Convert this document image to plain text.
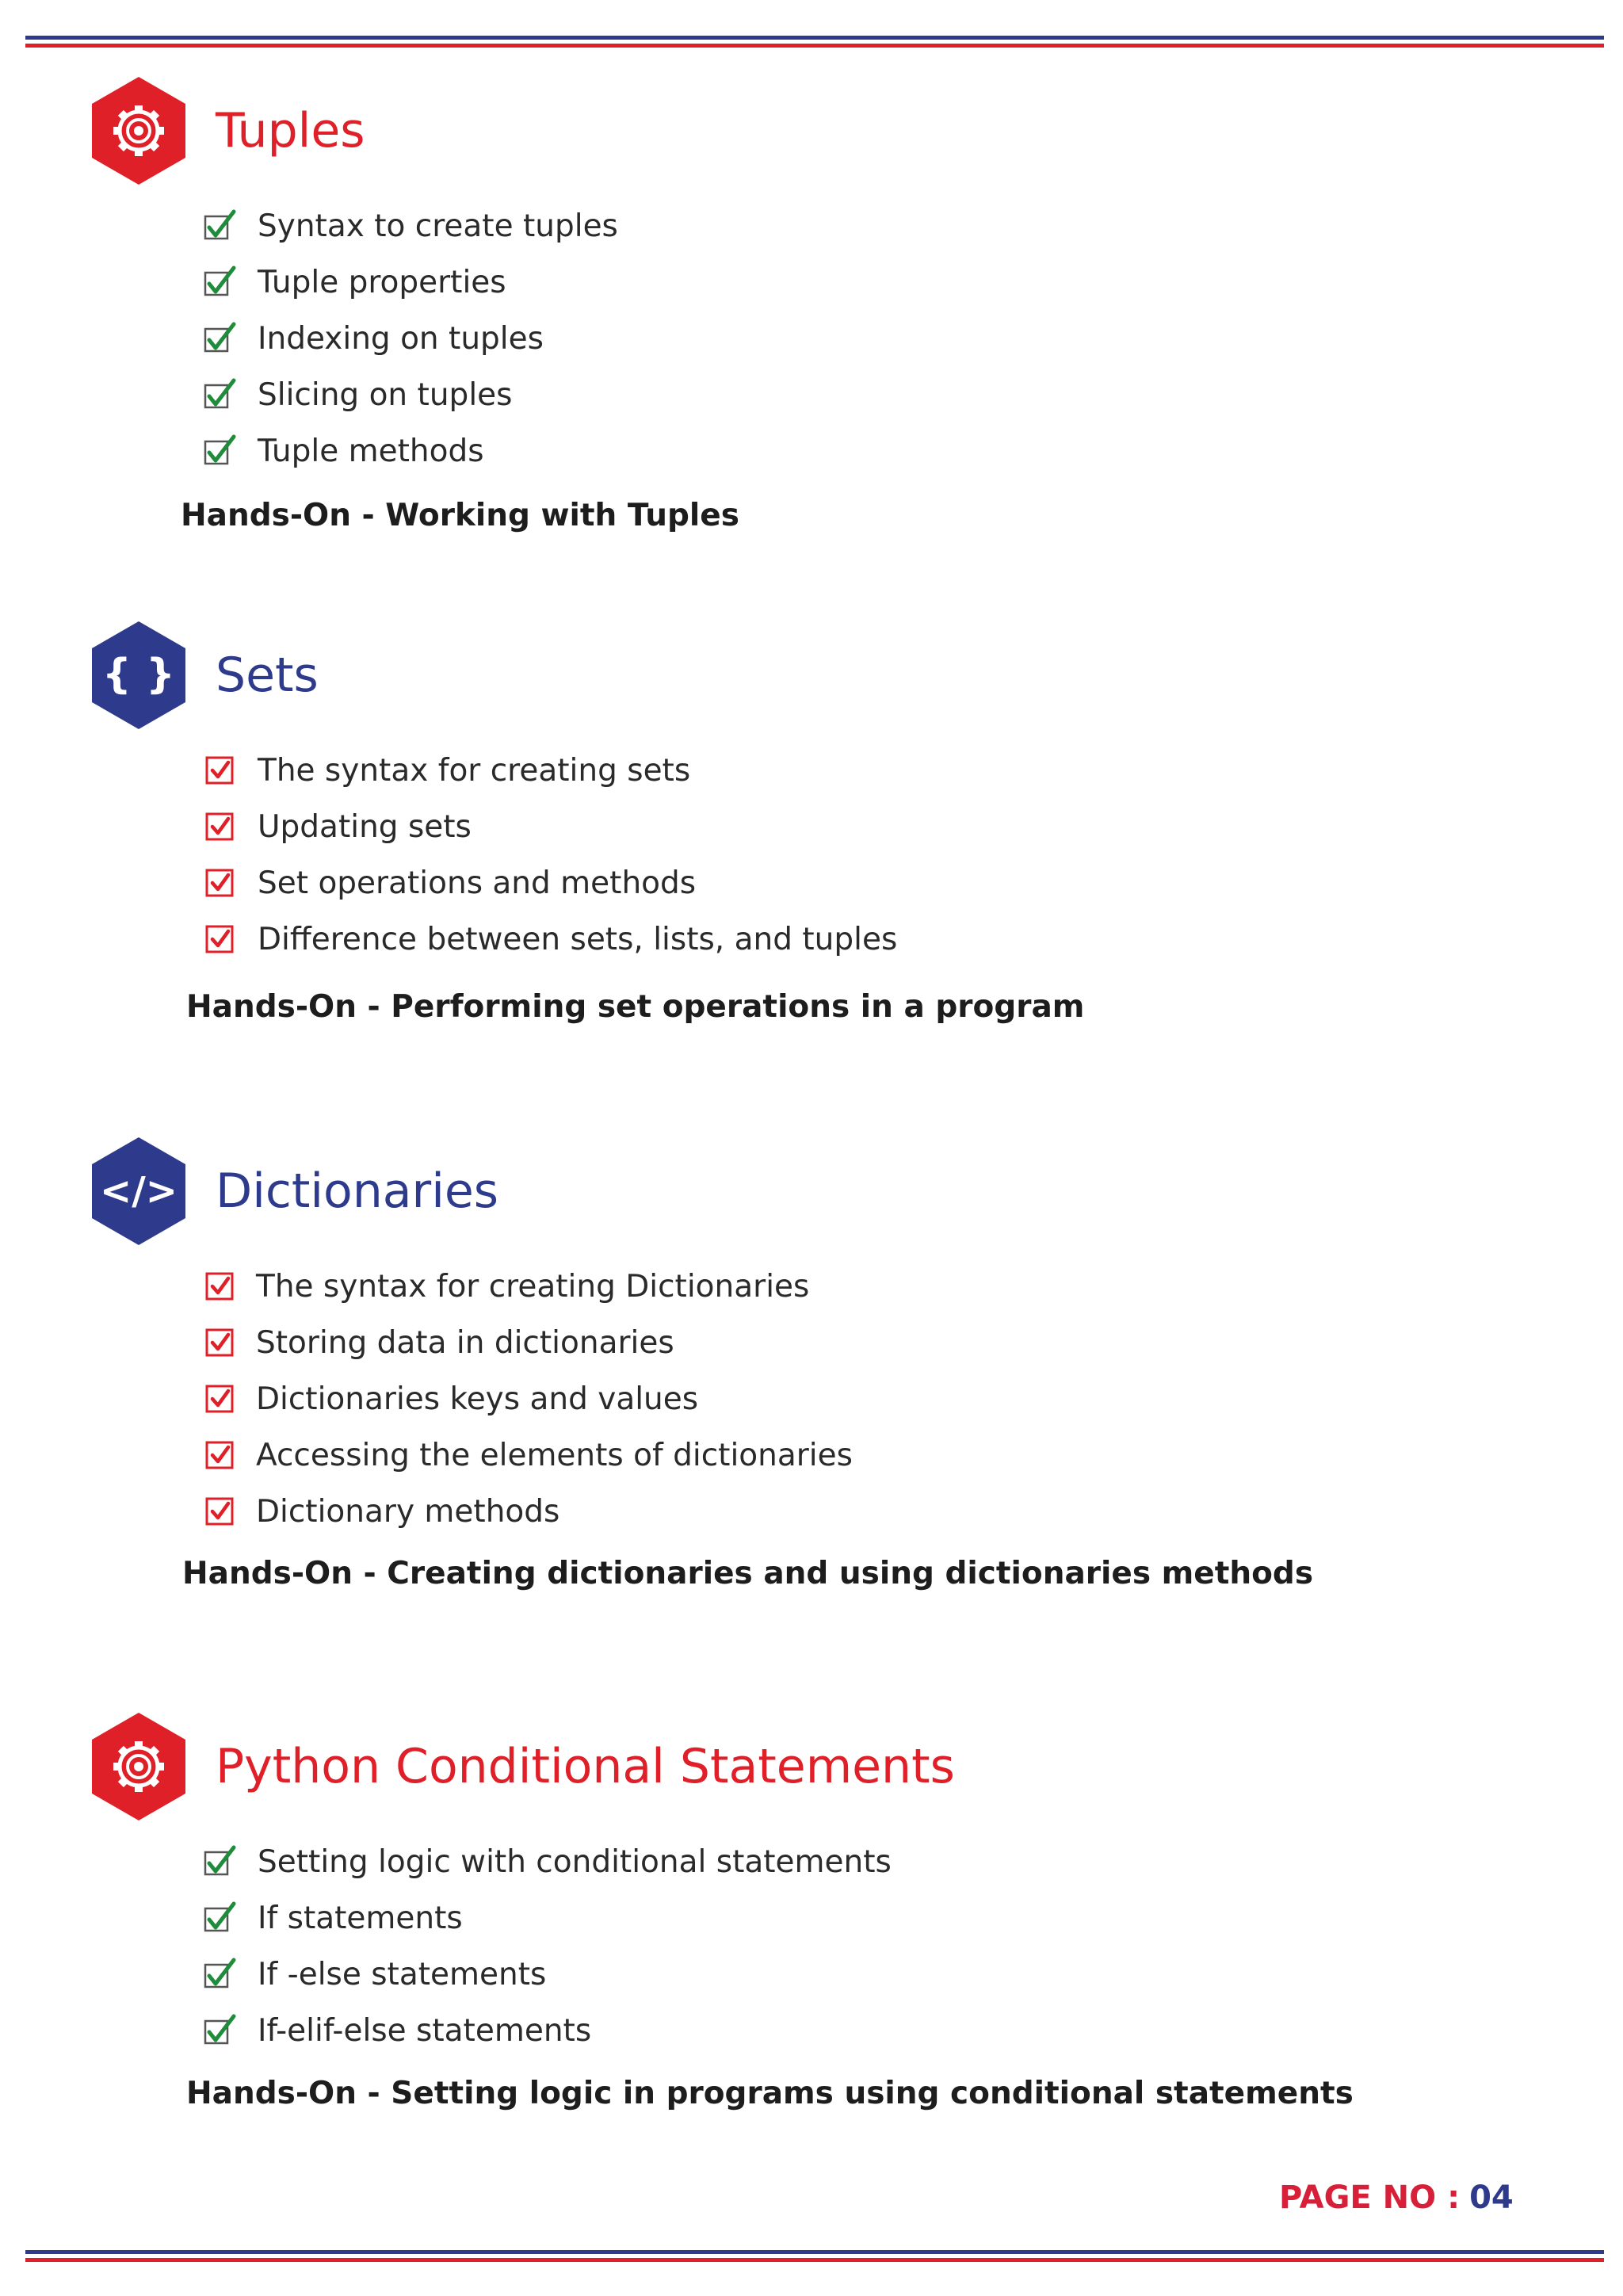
Tuples
Syntax to create tuples
Tuple properties
Indexing on tuples
Slicing on tuples
Tuple methods
Hands-On - Working with Tuples
{ } Sets
The syntax for creating sets
Updating sets
Set operations and methods
Difference between sets, lists, and tuples
Hands-On - Performing set operations in a program
</> Dictionaries
The syntax for creating Dictionaries
Storing data in dictionaries
Dictionaries keys and values
Accessing the elements of dictionaries
Dictionary methods
Hands-On - Creating dictionaries and using dictionaries methods
Python Conditional Statements
Setting logic with conditional statements
If statements
If -else statements
If-elif-else statements
Hands-On - Setting logic in programs using conditional statements
PAGE NO : 04
